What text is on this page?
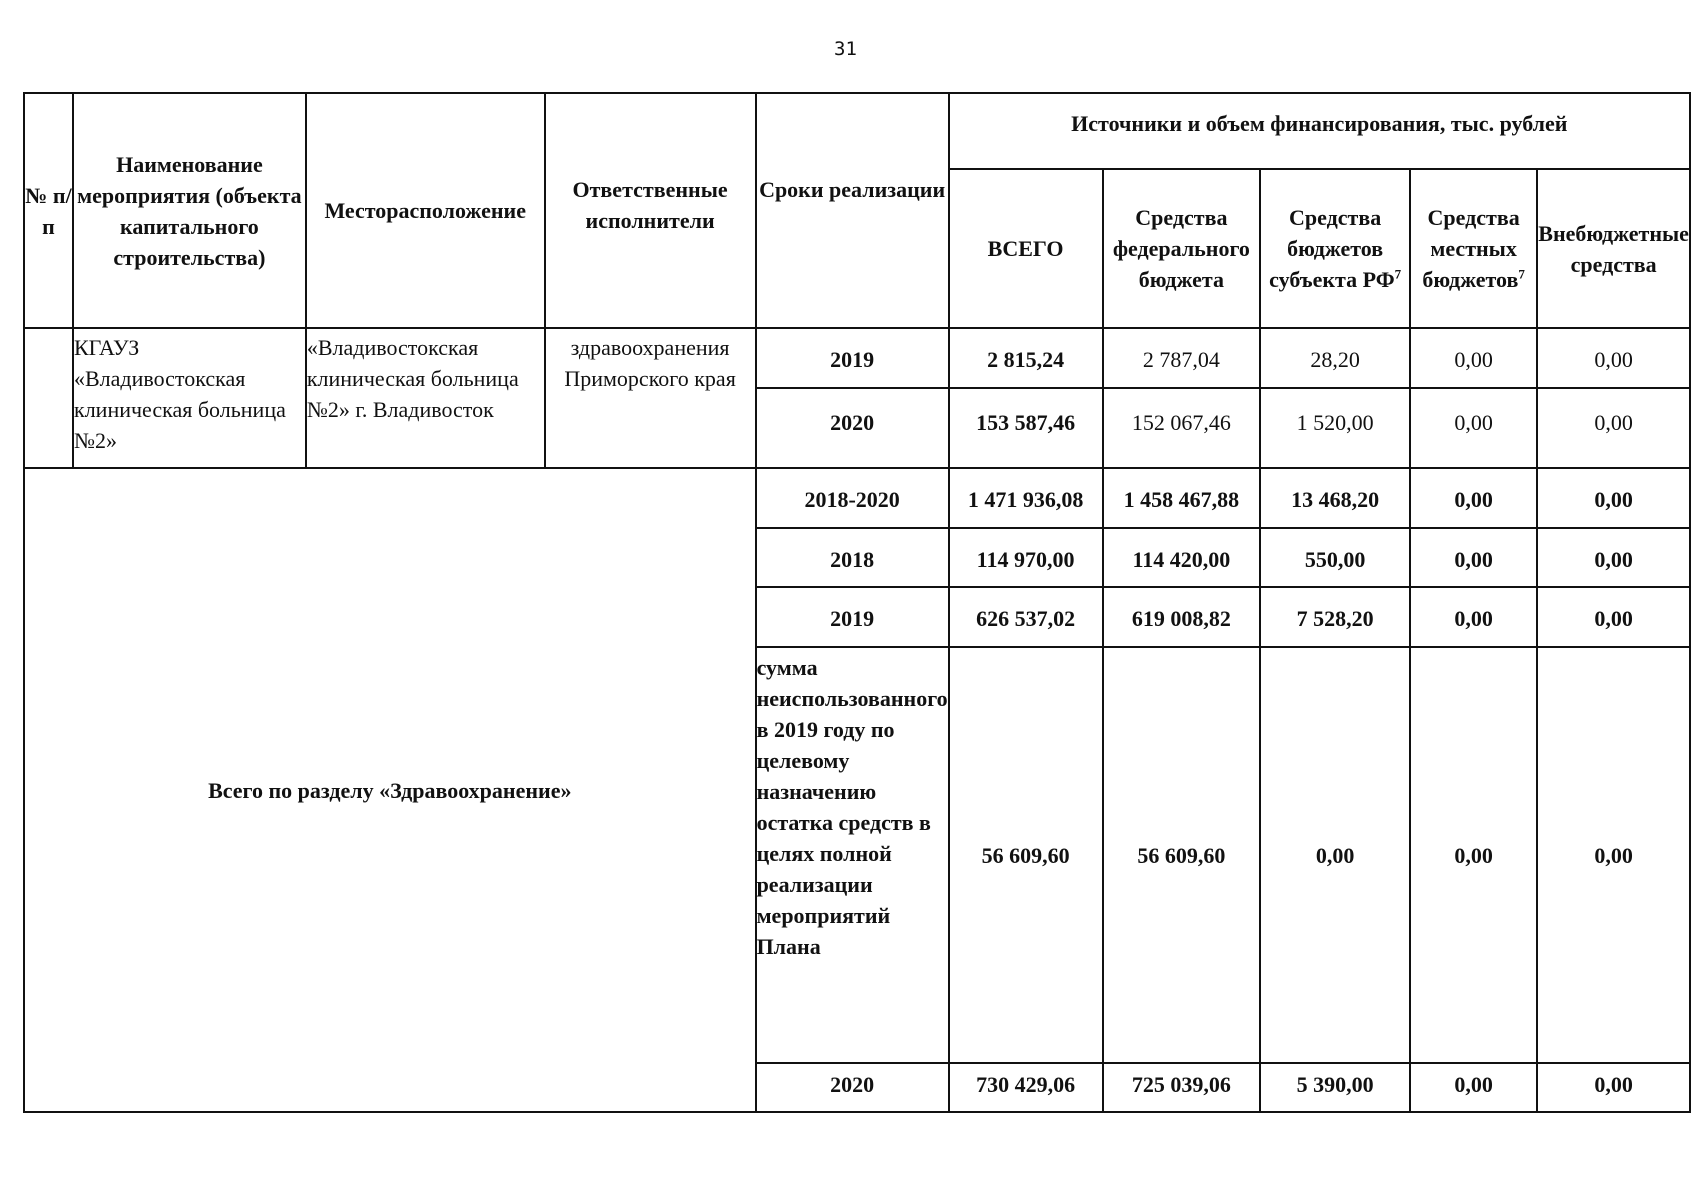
31
№ п/п	Наименование мероприятия (объекта капитального строительства)	Месторасположение	Ответственные исполнители	Сроки реализации	Источники и объем финансирования, тыс. рублей				
					ВСЕГО	Средства федерального бюджета	Средства бюджетов субъекта $РФ^7$	Средства местных бюджетов$^7$	Внебюджетные средства
	КГАУЗ «Владивостокская клиническая больница №2»	«Владивостокская клиническая больница №2» г. Владивосток	здравоохранения Приморского края	2019	2 815,24	2 787,04	28,20	0,00	0,00
				2020	153 587,46	152 067,46	1 520,00	0,00	0,00
Всего по разделу «Здравоохранение»				2018-2020	1 471 936,08	1 458 467,88	13 468,20	0,00	0,00
				2018	114 970,00	114 420,00	550,00	0,00	0,00
				2019	626 537,02	619 008,82	7 528,20	0,00	0,00
				сумма неиспользованного в 2019 году по целевому назначению остатка средств в целях полной реализации мероприятий Плана	56 609,60	56 609,60	0,00	0,00	0,00
				2020	730 429,06	725 039,06	5 390,00	0,00	0,00
